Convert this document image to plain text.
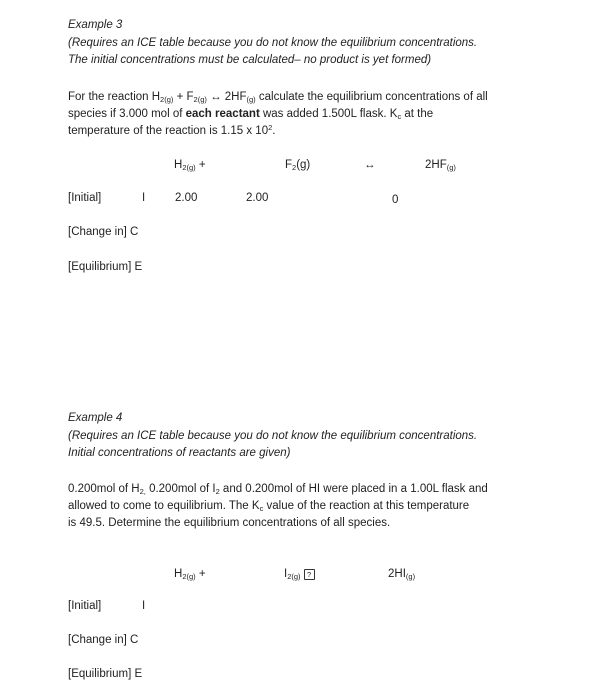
Example 3
(Requires an ICE table because you do not know the equilibrium concentrations.
The initial concentrations must be calculated– no product is yet formed)
For the reaction $H_{2(g)} + F_{2(g)}$ ↔ $2HF_{(g)}$ calculate the equilibrium concentrations of all
species if 3.000 mol of each reactant was added 1.500L flask. $K_c$ at the
temperature of the reaction is 1.15 x $10^2$.
$H_{2(g)}$ +	$F_2(g)$	↔	$2HF_{(g)}$
[Initial]	I	2.00	2.00	0
[Change in] C
[Equilibrium] E
Example 4
(Requires an ICE table because you do not know the equilibrium concentrations.
Initial concentrations of reactants are given)
0.200mol of $H_{2,}$ 0.200mol of $I_2$ and 0.200mol of HI were placed in a 1.00L flask and
allowed to come to equilibrium. The $K_c$ value of the reaction at this temperature
is 49.5. Determine the equilibrium concentrations of all species.
$H_{2(g)}$ +	$I_{2(g)}$ ?	$2HI_{(g)}$
[Initial]	I
[Change in] C
[Equilibrium] E
